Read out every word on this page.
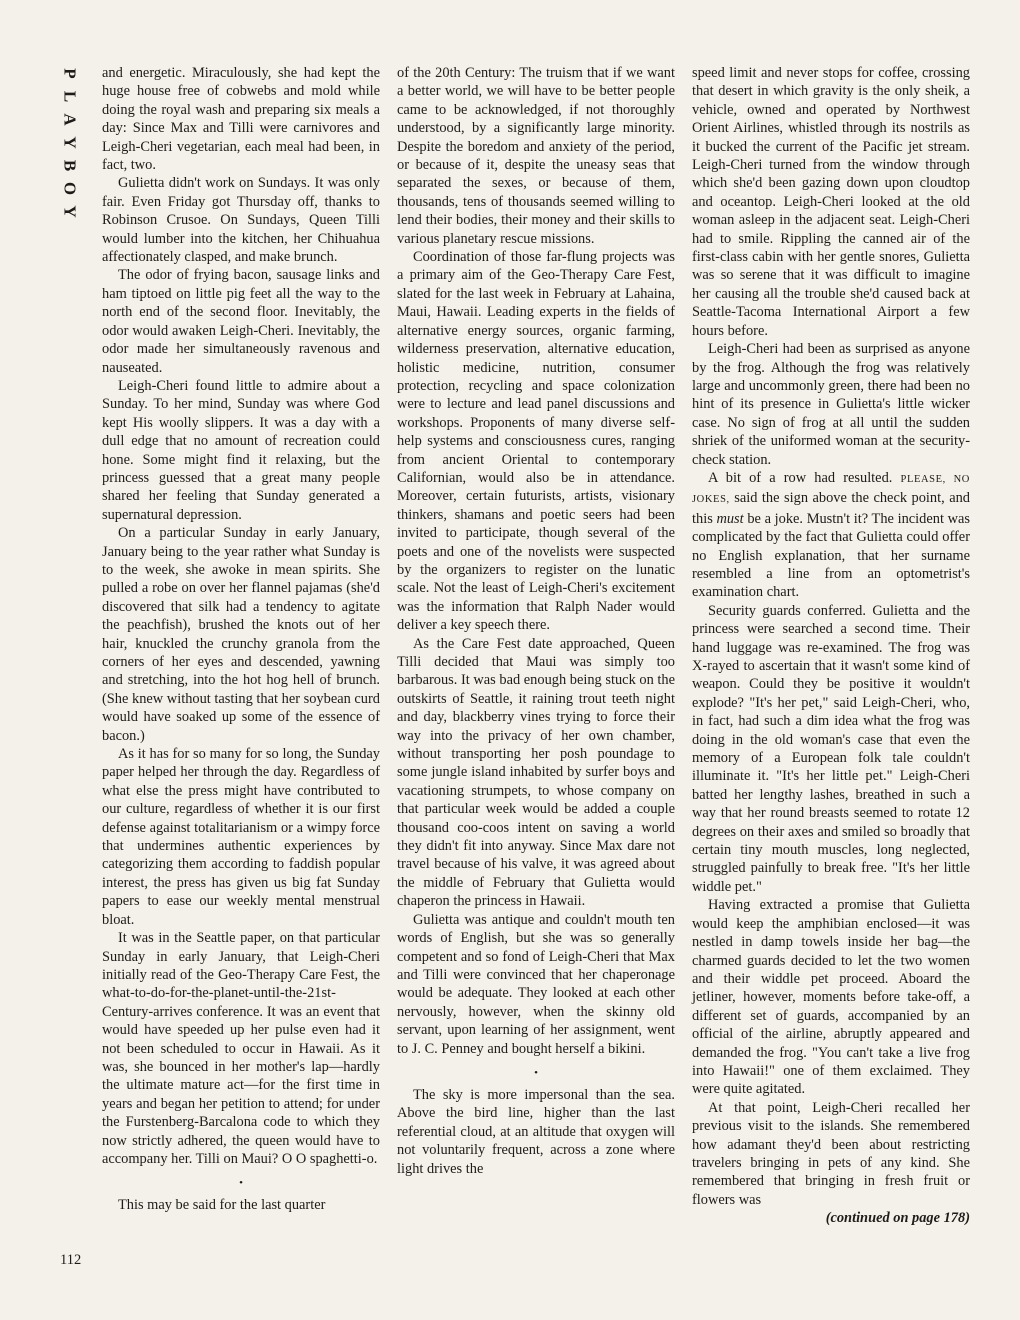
P
L
A
Y
B
O
Y

and energetic. Miraculously, she had kept the huge house free of cobwebs and mold while doing the royal wash and preparing six meals a day: Since Max and Tilli were carnivores and Leigh-Cheri vegetarian, each meal had been, in fact, two.

Gulietta didn't work on Sundays. It was only fair. Even Friday got Thursday off, thanks to Robinson Crusoe. On Sundays, Queen Tilli would lumber into the kitchen, her Chihuahua affectionately clasped, and make brunch.

The odor of frying bacon, sausage links and ham tiptoed on little pig feet all the way to the north end of the second floor. Inevitably, the odor would awaken Leigh-Cheri. Inevitably, the odor made her simultaneously ravenous and nauseated.

Leigh-Cheri found little to admire about a Sunday. To her mind, Sunday was where God kept His woolly slippers. It was a day with a dull edge that no amount of recreation could hone. Some might find it relaxing, but the princess guessed that a great many people shared her feeling that Sunday generated a supernatural depression.

On a particular Sunday in early January, January being to the year rather what Sunday is to the week, she awoke in mean spirits. She pulled a robe on over her flannel pajamas (she'd discovered that silk had a tendency to agitate the peachfish), brushed the knots out of her hair, knuckled the crunchy granola from the corners of her eyes and descended, yawning and stretching, into the hot hog hell of brunch. (She knew without tasting that her soybean curd would have soaked up some of the essence of bacon.)

As it has for so many for so long, the Sunday paper helped her through the day. Regardless of what else the press might have contributed to our culture, regardless of whether it is our first defense against totalitarianism or a wimpy force that undermines authentic experiences by categorizing them according to faddish popular interest, the press has given us big fat Sunday papers to ease our weekly mental menstrual bloat.

It was in the Seattle paper, on that particular Sunday in early January, that Leigh-Cheri initially read of the Geo-Therapy Care Fest, the what-to-do-for-the-planet-until-the-21st-Century-arrives conference. It was an event that would have speeded up her pulse even had it not been scheduled to occur in Hawaii. As it was, she bounced in her mother's lap—hardly the ultimate mature act—for the first time in years and began her petition to attend; for under the Furstenberg-Barcalona code to which they now strictly adhered, the queen would have to accompany her. Tilli on Maui? O O spaghetti-o.

•

This may be said for the last quarter

of the 20th Century: The truism that if we want a better world, we will have to be better people came to be acknowledged, if not thoroughly understood, by a significantly large minority. Despite the boredom and anxiety of the period, or because of it, despite the uneasy seas that separated the sexes, or because of them, thousands, tens of thousands seemed willing to lend their bodies, their money and their skills to various planetary rescue missions.

Coordination of those far-flung projects was a primary aim of the Geo-Therapy Care Fest, slated for the last week in February at Lahaina, Maui, Hawaii. Leading experts in the fields of alternative energy sources, organic farming, wilderness preservation, alternative education, holistic medicine, nutrition, consumer protection, recycling and space colonization were to lecture and lead panel discussions and workshops. Proponents of many diverse self-help systems and consciousness cures, ranging from ancient Oriental to contemporary Californian, would also be in attendance. Moreover, certain futurists, artists, visionary thinkers, shamans and poetic seers had been invited to participate, though several of the poets and one of the novelists were suspected by the organizers to register on the lunatic scale. Not the least of Leigh-Cheri's excitement was the information that Ralph Nader would deliver a key speech there.

As the Care Fest date approached, Queen Tilli decided that Maui was simply too barbarous. It was bad enough being stuck on the outskirts of Seattle, it raining trout teeth night and day, blackberry vines trying to force their way into the privacy of her own chamber, without transporting her posh poundage to some jungle island inhabited by surfer boys and vacationing strumpets, to whose company on that particular week would be added a couple thousand coo-coos intent on saving a world they didn't fit into anyway. Since Max dare not travel because of his valve, it was agreed about the middle of February that Gulietta would chaperon the princess in Hawaii.

Gulietta was antique and couldn't mouth ten words of English, but she was so generally competent and so fond of Leigh-Cheri that Max and Tilli were convinced that her chaperonage would be adequate. They looked at each other nervously, however, when the skinny old servant, upon learning of her assignment, went to J. C. Penney and bought herself a bikini.

•

The sky is more impersonal than the sea. Above the bird line, higher than the last referential cloud, at an altitude that oxygen will not voluntarily frequent, across a zone where light drives the

speed limit and never stops for coffee, crossing that desert in which gravity is the only sheik, a vehicle, owned and operated by Northwest Orient Airlines, whistled through its nostrils as it bucked the current of the Pacific jet stream. Leigh-Cheri turned from the window through which she'd been gazing down upon cloudtop and oceantop. Leigh-Cheri looked at the old woman asleep in the adjacent seat. Leigh-Cheri had to smile. Rippling the canned air of the first-class cabin with her gentle snores, Gulietta was so serene that it was difficult to imagine her causing all the trouble she'd caused back at Seattle-Tacoma International Airport a few hours before.

Leigh-Cheri had been as surprised as anyone by the frog. Although the frog was relatively large and uncommonly green, there had been no hint of its presence in Gulietta's little wicker case. No sign of frog at all until the sudden shriek of the uniformed woman at the security-check station.

A bit of a row had resulted. PLEASE, NO JOKES, said the sign above the check point, and this must be a joke. Mustn't it? The incident was complicated by the fact that Gulietta could offer no English explanation, that her surname resembled a line from an optometrist's examination chart.

Security guards conferred. Gulietta and the princess were searched a second time. Their hand luggage was re-examined. The frog was X-rayed to ascertain that it wasn't some kind of weapon. Could they be positive it wouldn't explode? "It's her pet," said Leigh-Cheri, who, in fact, had such a dim idea what the frog was doing in the old woman's case that even the memory of a European folk tale couldn't illuminate it. "It's her little pet." Leigh-Cheri batted her lengthy lashes, breathed in such a way that her round breasts seemed to rotate 12 degrees on their axes and smiled so broadly that certain tiny mouth muscles, long neglected, struggled painfully to break free. "It's her little widdle pet."

Having extracted a promise that Gulietta would keep the amphibian enclosed—it was nestled in damp towels inside her bag—the charmed guards decided to let the two women and their widdle pet proceed. Aboard the jetliner, however, moments before take-off, a different set of guards, accompanied by an official of the airline, abruptly appeared and demanded the frog. "You can't take a live frog into Hawaii!" one of them exclaimed. They were quite agitated.

At that point, Leigh-Cheri recalled her previous visit to the islands. She remembered how adamant they'd been about restricting travelers bringing in pets of any kind. She remembered that bringing in fresh fruit or flowers was

(continued on page 178)
112
